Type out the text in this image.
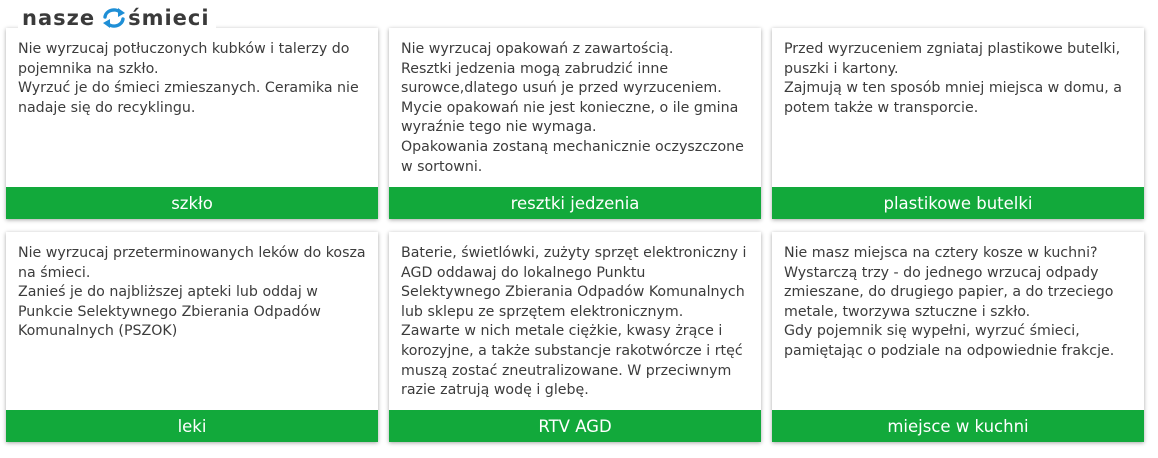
nasze śmieci
Nie wyrzucaj potłuczonych kubków i talerzy do pojemnika na szkło.
Wyrzuć je do śmieci zmieszanych. Ceramika nie nadaje się do recyklingu.
szkło
Nie wyrzucaj opakowań z zawartością.
Resztki jedzenia mogą zabrudzić inne surowce,dlatego usuń je przed wyrzuceniem.
Mycie opakowań nie jest konieczne, o ile gmina wyraźnie tego nie wymaga.
Opakowania zostaną mechanicznie oczyszczone w sortowni.
resztki jedzenia
Przed wyrzuceniem zgniataj plastikowe butelki, puszki i kartony.
Zajmują w ten sposób mniej miejsca w domu, a potem także w transporcie.
plastikowe butelki
Nie wyrzucaj przeterminowanych leków do kosza na śmieci.
Zanieś je do najbliższej apteki lub oddaj w Punkcie Selektywnego Zbierania Odpadów Komunalnych (PSZOK)
leki
Baterie, świetlówki, zużyty sprzęt elektroniczny i AGD oddawaj do lokalnego Punktu Selektywnego Zbierania Odpadów Komunalnych lub sklepu ze sprzętem elektronicznym.
Zawarte w nich metale ciężkie, kwasy żrące i korozyjne, a także substancje rakotwórcze i rtęć muszą zostać zneutralizowane. W przeciwnym razie zatrują wodę i glebę.
RTV AGD
Nie masz miejsca na cztery kosze w kuchni?
Wystarczą trzy - do jednego wrzucaj odpady zmieszane, do drugiego papier, a do trzeciego metale, tworzywa sztuczne i szkło.
Gdy pojemnik się wypełni, wyrzuć śmieci, pamiętając o podziale na odpowiednie frakcje.
miejsce w kuchni
